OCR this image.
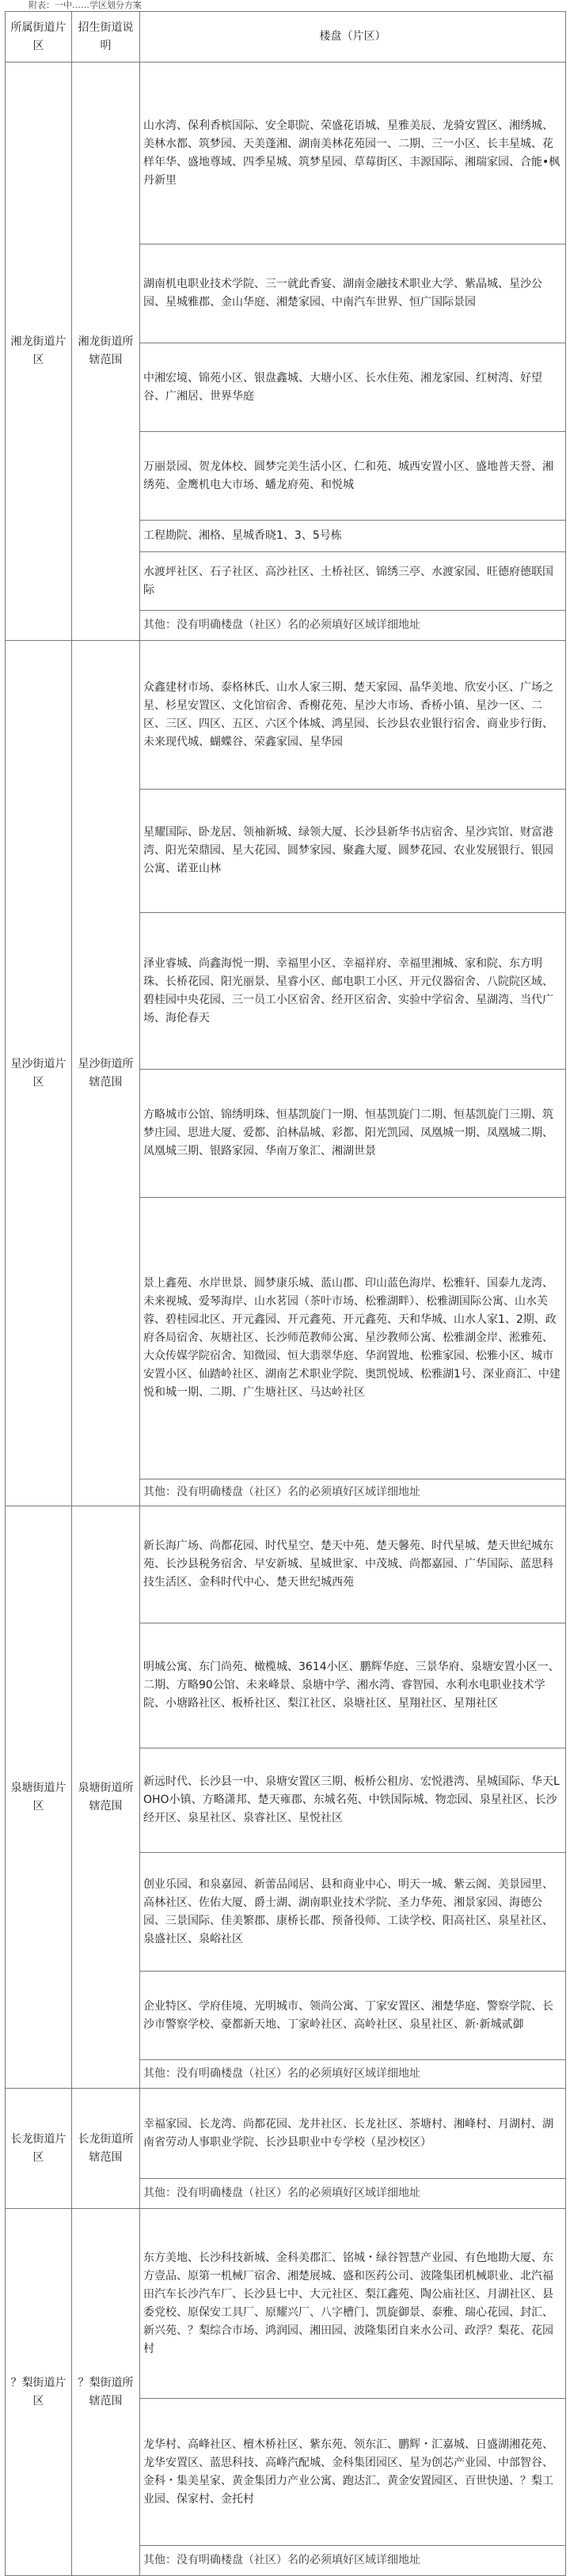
附表：一中……学区划分方案
所属街道片区	招生街道说明	楼盘（片区）
湘龙街道片区	湘龙街道所辖范围	山水湾、保利香槟国际、安全职院、荣盛花语城、星雅美辰、龙骑安置区、湘绣城、美林水都、筑梦园、天美蓬湘、湖南美林花苑园一、二期、三一小区、长丰星城、花样年华、盛地尊域、四季星城、筑梦星园、草莓街区、丰源国际、湘瑞家园、合能•枫丹新里
		湖南机电职业技术学院、三一就此香宴、湖南金融技术职业大学、紫晶城、星沙公园、星城雅郡、金山华庭、湘楚家园、中南汽车世界、恒广国际景园
		中湘宏境、锦苑小区、银盘鑫城、大塘小区、长水住苑、湘龙家园、红树湾、好望谷、广湘居、世界华庭
		万丽景园、贺龙体校、圆梦完美生活小区、仁和苑、城西安置小区、盛地普天誉、湘绣苑、金鹰机电大市场、蟠龙府苑、和悦城
		工程勘院、湘格、星城香晓1、3、5号栋
		水渡坪社区、石子社区、高沙社区、土桥社区、锦绣三亭、水渡家园、旺德府德联国际
		其他：没有明确楼盘（社区）名的必须填好区域详细地址
星沙街道片区	星沙街道所辖范围	众鑫建材市场、泰格林氏、山水人家三期、楚天家园、晶华美地、欣安小区、广场之星、杉星安置区、文化馆宿舍、香榭花苑、星沙大市场、香桥小镇、星沙一区、二区、三区、四区、五区、六区个体城、鸿星园、长沙县农业银行宿舍、商业步行街、未来现代城、蝴蝶谷、荣鑫家园、星华园
		星耀国际、卧龙居、领袖新城、绿领大厦、长沙县新华书店宿舍、星沙宾馆、财富港湾、阳光荣鼎园、星大花园、圆梦家园、聚鑫大厦、圆梦花园、农业发展银行、银园公寓、诺亚山林
		泽业睿城、尚鑫海悦一期、幸福里小区、幸福祥府、幸福里湘城、家和院、东方明珠、长桥花园、阳光丽景、星睿小区、邮电职工小区、开元仪器宿舍、八院院区域、碧桂园中央花园、三一员工小区宿舍、经开区宿舍、实验中学宿舍、星湖湾、当代广场、海伦春天
		方略城市公馆、锦绣明珠、恒基凯旋门一期、恒基凯旋门二期、恒基凯旋门三期、筑梦庄园、思进大厦、爱都、泊林晶城、彩都、阳光凯园、凤凰城一期、凤凰城二期、凤凰城三期、银路家园、华南万象汇、湘湖世景
		景上鑫苑、水岸世景、圆梦康乐城、蓝山郡、印山蓝色海岸、松雅轩、国泰九龙湾、未来视城、爱琴海岸、山水茗园（茶叶市场、松雅湖畔）、松雅湖国际公寓、山水芙蓉、碧桂园北区、开元鑫园、开元鑫苑、开元鑫苑、天和华城、山水人家1、2期、政府各局宿舍、灰塘社区、长沙师范教师公寓、星沙教师公寓、松雅湖金岸、淞雅苑、大众传媒学院宿舍、知微园、恒大翡翠华庭、华润置地、松雅家园、松雅小区、城市安置小区、仙踏岭社区、湖南艺术职业学院、奥凯悦域、松雅湖1号、深业商汇、中建悦和城一期、二期、广生塘社区、马达岭社区
		其他：没有明确楼盘（社区）名的必须填好区域详细地址
泉塘街道片区	泉塘街道所辖范围	新长海广场、尚都花园、时代星空、楚天中苑、楚天馨苑、时代星城、楚天世纪城东苑、长沙县税务宿舍、早安新城、星城世家、中茂城、尚都嘉园、广华国际、蓝思科技生活区、金科时代中心、楚天世纪城西苑
		明城公寓、东门尚苑、橄榄城、3614小区、鹏辉华庭、三景华府、泉塘安置小区一、二期、方略90公馆、未来峰景、泉塘中学、湘水湾、睿智园、水利水电职业技术学院、小塘路社区、板桥社区、梨江社区、泉塘社区、星翔社区、星翔社区
		新远时代、长沙县一中、泉塘安置区三期、板桥公租房、宏悦港湾、星城国际、华天LOHO小镇、方略潇邦、楚天雍郡、东城名苑、中铁国际城、物恋园、泉星社区、长沙经开区、泉星社区、泉睿社区、星悦社区
		创业乐园、和泉嘉园、新蕾品闻居、县和商业中心、明天一城、紫云阁、美景园里、高林社区、佐佑大厦、爵士湖、湖南职业技术学院、圣力华苑、湘景家园、海德公园、三景国际、佳美繁郡、康桥长郡、预备役师、工读学校、阳高社区、泉星社区、泉盛社区、泉峪社区
		企业特区、学府佳境、光明城市、领尚公寓、丁家安置区、湘楚华庭、警察学院、长沙市警察学校、豪都新天地、丁家岭社区、高岭社区、泉星社区、新·新城贰御
		其他：没有明确楼盘（社区）名的必须填好区域详细地址
长龙街道片区	长龙街道所辖范围	幸福家园、长龙湾、尚都花园、龙井社区、长龙社区、茶塘村、湘峰村、月湖村、湖南省劳动人事职业学院、长沙县职业中专学校（星沙校区）
		其他：没有明确楼盘（社区）名的必须填好区域详细地址
？梨街道片区	？梨街道所辖范围	东方美地、长沙科技新城、金科美郡汇、铭城・绿谷智慧产业园、有色地勘大厦、东方壹品、原第一机械厂宿舍、湘楚展城、盛和医药公司、波隆集团机械职业、北汽福田汽车长沙汽车厂、长沙县七中、大元社区、梨江鑫苑、陶公庙社区、月湖社区、县委党校、原保安工具厂、原耀兴厂、八字槽门、凯旋御景、泰雅、瑞心花园、封汇、新兴苑、？梨综合市场、鸿润园、湘田园、波隆集团自来水公司、政浮？梨花、花园村
		龙华村、高峰社区、檀木桥社区、紫东苑、领东汇、鹏辉・汇嘉城、日盛湖湘花苑、龙华安置区、蓝思科技、高峰汽配城、金科集团园区、星为创芯产业园、中部智谷、金科・集美星家、黄金集团力产业公寓、跑达汇、黄金安置园区、百世快递、？梨工业园、保家村、金托村
		其他：没有明确楼盘（社区）名的必须填好区域详细地址
